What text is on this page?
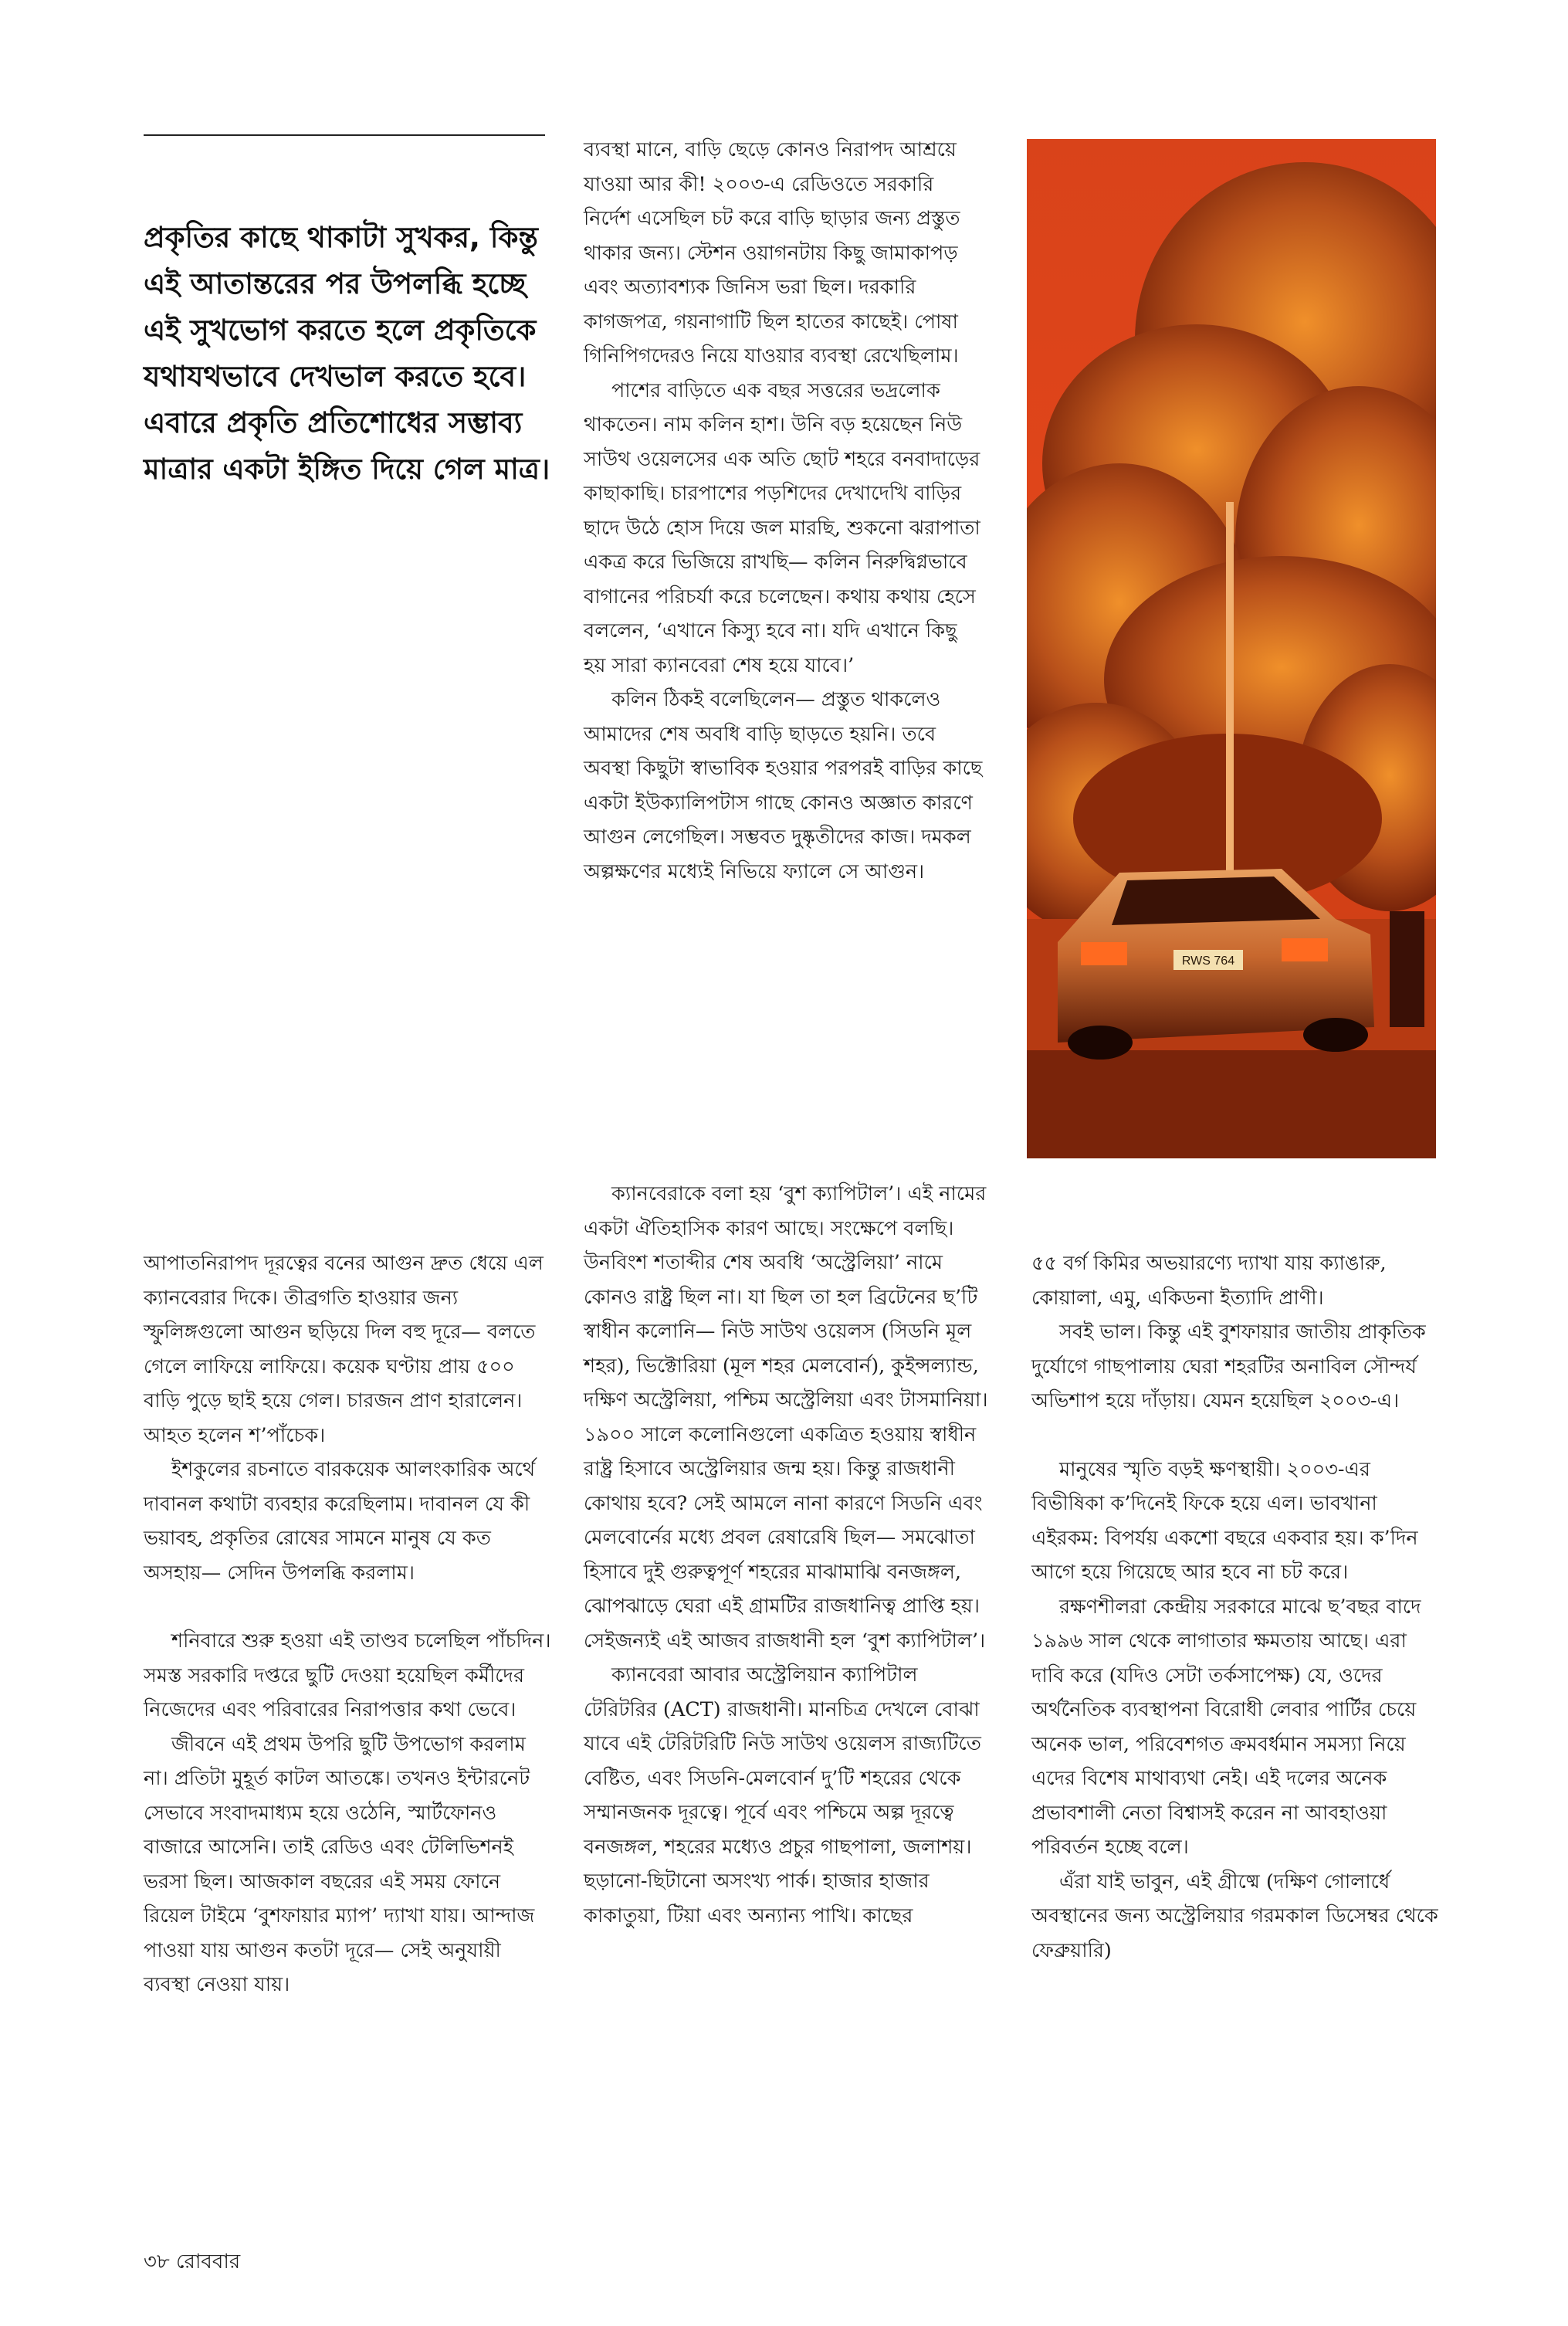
প্রকৃতির কাছে থাকাটা সুখকর, কিন্তু এই আতান্তরের পর উপলব্ধি হচ্ছে এই সুখভোগ করতে হলে প্রকৃতিকে যথাযথভাবে দেখভাল করতে হবে। এবারে প্রকৃতি প্রতিশোধের সম্ভাব্য মাত্রার একটা ইঙ্গিত দিয়ে গেল মাত্র।

ব্যবস্থা মানে, বাড়ি ছেড়ে কোনও নিরাপদ আশ্রয়ে যাওয়া আর কী! ২০০৩-এ রেডিওতে সরকারি নির্দেশ এসেছিল চট করে বাড়ি ছাড়ার জন্য প্রস্তুত থাকার জন্য। স্টেশন ওয়াগনটায় কিছু জামাকাপড় এবং অত্যাবশ্যক জিনিস ভরা ছিল। দরকারি কাগজপত্র, গয়নাগাটি ছিল হাতের কাছেই। পোষা গিনিপিগদেরও নিয়ে যাওয়ার ব্যবস্থা রেখেছিলাম।

পাশের বাড়িতে এক বছর সত্তরের ভদ্রলোক থাকতেন। নাম কলিন হাশ। উনি বড় হয়েছেন নিউ সাউথ ওয়েলসের এক অতি ছোট শহরে বনবাদাড়ের কাছাকাছি। চারপাশের পড়শিদের দেখাদেখি বাড়ির ছাদে উঠে হোস দিয়ে জল মারছি, শুকনো ঝরাপাতা একত্র করে ভিজিয়ে রাখছি— কলিন নিরুদ্বিগ্নভাবে বাগানের পরিচর্যা করে চলেছেন। কথায় কথায় হেসে বললেন, ‘এখানে কিস্যু হবে না। যদি এখানে কিছু হয় সারা ক্যানবেরা শেষ হয়ে যাবে।’

কলিন ঠিকই বলেছিলেন— প্রস্তুত থাকলেও আমাদের শেষ অবধি বাড়ি ছাড়তে হয়নি। তবে অবস্থা কিছুটা স্বাভাবিক হওয়ার পরপরই বাড়ির কাছে একটা ইউক্যালিপটাস গাছে কোনও অজ্ঞাত কারণে আগুন লেগেছিল। সম্ভবত দুষ্কৃতীদের কাজ। দমকল অল্পক্ষণের মধ্যেই নিভিয়ে ফ্যালে সে আগুন।

RWS 764

আপাতনিরাপদ দূরত্বের বনের আগুন দ্রুত ধেয়ে এল ক্যানবেরার দিকে। তীব্রগতি হাওয়ার জন্য স্ফুলিঙ্গগুলো আগুন ছড়িয়ে দিল বহু দূরে— বলতে গেলে লাফিয়ে লাফিয়ে। কয়েক ঘণ্টায় প্রায় ৫০০ বাড়ি পুড়ে ছাই হয়ে গেল। চারজন প্রাণ হারালেন। আহত হলেন শ’পাঁচেক।

ইশকুলের রচনাতে বারকয়েক আলংকারিক অর্থে দাবানল কথাটা ব্যবহার করেছিলাম। দাবানল যে কী ভয়াবহ, প্রকৃতির রোষের সামনে মানুষ যে কত অসহায়— সেদিন উপলব্ধি করলাম।

শনিবারে শুরু হওয়া এই তাণ্ডব চলেছিল পাঁচদিন। সমস্ত সরকারি দপ্তরে ছুটি দেওয়া হয়েছিল কর্মীদের নিজেদের এবং পরিবারের নিরাপত্তার কথা ভেবে।

জীবনে এই প্রথম উপরি ছুটি উপভোগ করলাম না। প্রতিটা মুহূর্ত কাটল আতঙ্কে। তখনও ইন্টারনেট সেভাবে সংবাদমাধ্যম হয়ে ওঠেনি, স্মার্টফোনও বাজারে আসেনি। তাই রেডিও এবং টেলিভিশনই ভরসা ছিল। আজকাল বছরের এই সময় ফোনে রিয়েল টাইমে ‘বুশফায়ার ম্যাপ’ দ্যাখা যায়। আন্দাজ পাওয়া যায় আগুন কতটা দূরে— সেই অনুযায়ী ব্যবস্থা নেওয়া যায়।

ক্যানবেরাকে বলা হয় ‘বুশ ক্যাপিটাল’। এই নামের একটা ঐতিহাসিক কারণ আছে। সংক্ষেপে বলছি। উনবিংশ শতাব্দীর শেষ অবধি ‘অস্ট্রেলিয়া’ নামে কোনও রাষ্ট্র ছিল না। যা ছিল তা হল ব্রিটেনের ছ’টি স্বাধীন কলোনি— নিউ সাউথ ওয়েলস (সিডনি মূল শহর), ভিক্টোরিয়া (মূল শহর মেলবোর্ন), কুইন্সল্যান্ড, দক্ষিণ অস্ট্রেলিয়া, পশ্চিম অস্ট্রেলিয়া এবং টাসমানিয়া। ১৯০০ সালে কলোনিগুলো একত্রিত হওয়ায় স্বাধীন রাষ্ট্র হিসাবে অস্ট্রেলিয়ার জন্ম হয়। কিন্তু রাজধানী কোথায় হবে? সেই আমলে নানা কারণে সিডনি এবং মেলবোর্নের মধ্যে প্রবল রেষারেষি ছিল— সমঝোতা হিসাবে দুই গুরুত্বপূর্ণ শহরের মাঝামাঝি বনজঙ্গল, ঝোপঝাড়ে ঘেরা এই গ্রামটির রাজধানিত্ব প্রাপ্তি হয়। সেইজন্যই এই আজব রাজধানী হল ‘বুশ ক্যাপিটাল’।

ক্যানবেরা আবার অস্ট্রেলিয়ান ক্যাপিটাল টেরিটরির (ACT) রাজধানী। মানচিত্র দেখলে বোঝা যাবে এই টেরিটরিটি নিউ সাউথ ওয়েলস রাজ্যটিতে বেষ্টিত, এবং সিডনি-মেলবোর্ন দু’টি শহরের থেকে সম্মানজনক দূরত্বে। পূর্বে এবং পশ্চিমে অল্প দূরত্বে বনজঙ্গল, শহরের মধ্যেও প্রচুর গাছপালা, জলাশয়। ছড়ানো-ছিটানো অসংখ্য পার্ক। হাজার হাজার কাকাতুয়া, টিয়া এবং অন্যান্য পাখি। কাছের

৫৫ বর্গ কিমির অভয়ারণ্যে দ্যাখা যায় ক্যাঙারু, কোয়ালা, এমু, একিডনা ইত্যাদি প্রাণী।

সবই ভাল। কিন্তু এই বুশফায়ার জাতীয় প্রাকৃতিক দুর্যোগে গাছপালায় ঘেরা শহরটির অনাবিল সৌন্দর্য অভিশাপ হয়ে দাঁড়ায়। যেমন হয়েছিল ২০০৩-এ।

মানুষের স্মৃতি বড়ই ক্ষণস্থায়ী। ২০০৩-এর বিভীষিকা ক’দিনেই ফিকে হয়ে এল। ভাবখানা এইরকম: বিপর্যয় একশো বছরে একবার হয়। ক’দিন আগে হয়ে গিয়েছে আর হবে না চট করে।

রক্ষণশীলরা কেন্দ্রীয় সরকারে মাঝে ছ’বছর বাদে ১৯৯৬ সাল থেকে লাগাতার ক্ষমতায় আছে। এরা দাবি করে (যদিও সেটা তর্কসাপেক্ষ) যে, ওদের অর্থনৈতিক ব্যবস্থাপনা বিরোধী লেবার পার্টির চেয়ে অনেক ভাল, পরিবেশগত ক্রমবর্ধমান সমস্যা নিয়ে এদের বিশেষ মাথাব্যথা নেই। এই দলের অনেক প্রভাবশালী নেতা বিশ্বাসই করেন না আবহাওয়া পরিবর্তন হচ্ছে বলে।

এঁরা যাই ভাবুন, এই গ্রীষ্মে (দক্ষিণ গোলার্ধে অবস্থানের জন্য অস্ট্রেলিয়ার গরমকাল ডিসেম্বর থেকে ফেব্রুয়ারি)

৩৮ রোববার
